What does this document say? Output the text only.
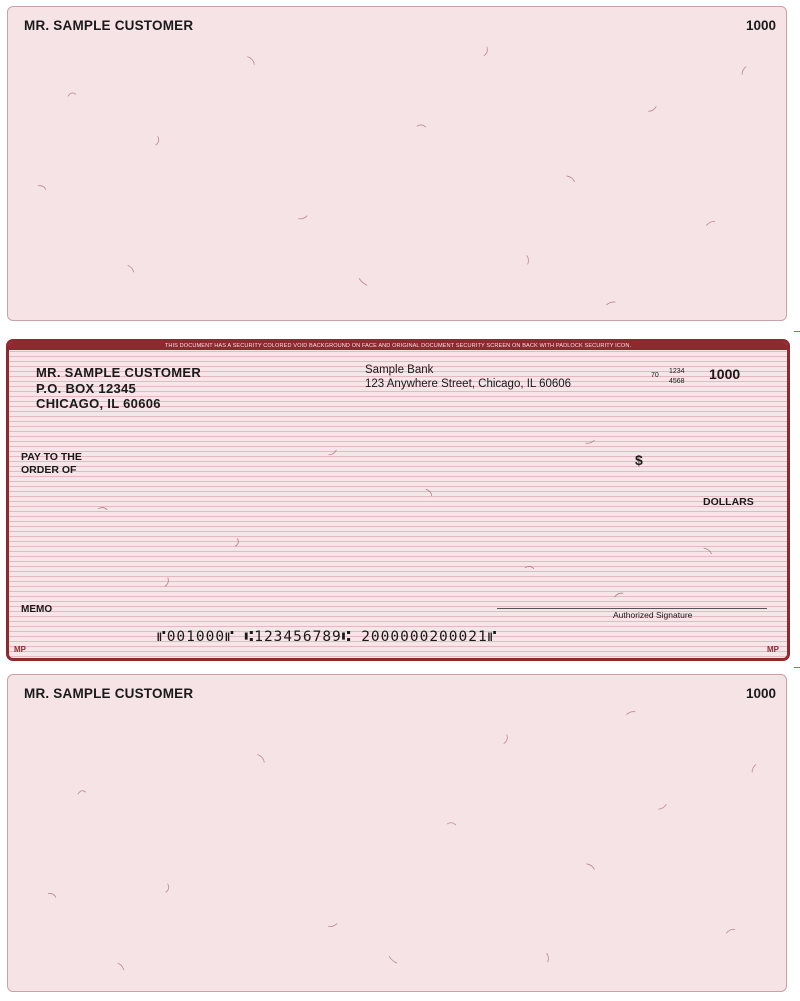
MR. SAMPLE CUSTOMER	1000
THIS DOCUMENT HAS A SECURITY COLORED VOID BACKGROUND ON FACE AND ORIGINAL DOCUMENT SECURITY SCREEN ON BACK WITH PADLOCK SECURITY ICON.
MR. SAMPLE CUSTOMER
P.O. BOX 12345
CHICAGO, IL 60606
Sample Bank
123 Anywhere Street, Chicago, IL 60606
70
1234
4568 1000
PAY TO THE
ORDER OF
$
DOLLARS
MEMO	Authorized Signature
⑈001000⑈ ⑆123456789⑆ 2000000200021⑈
MP	MP
MR. SAMPLE CUSTOMER	1000
